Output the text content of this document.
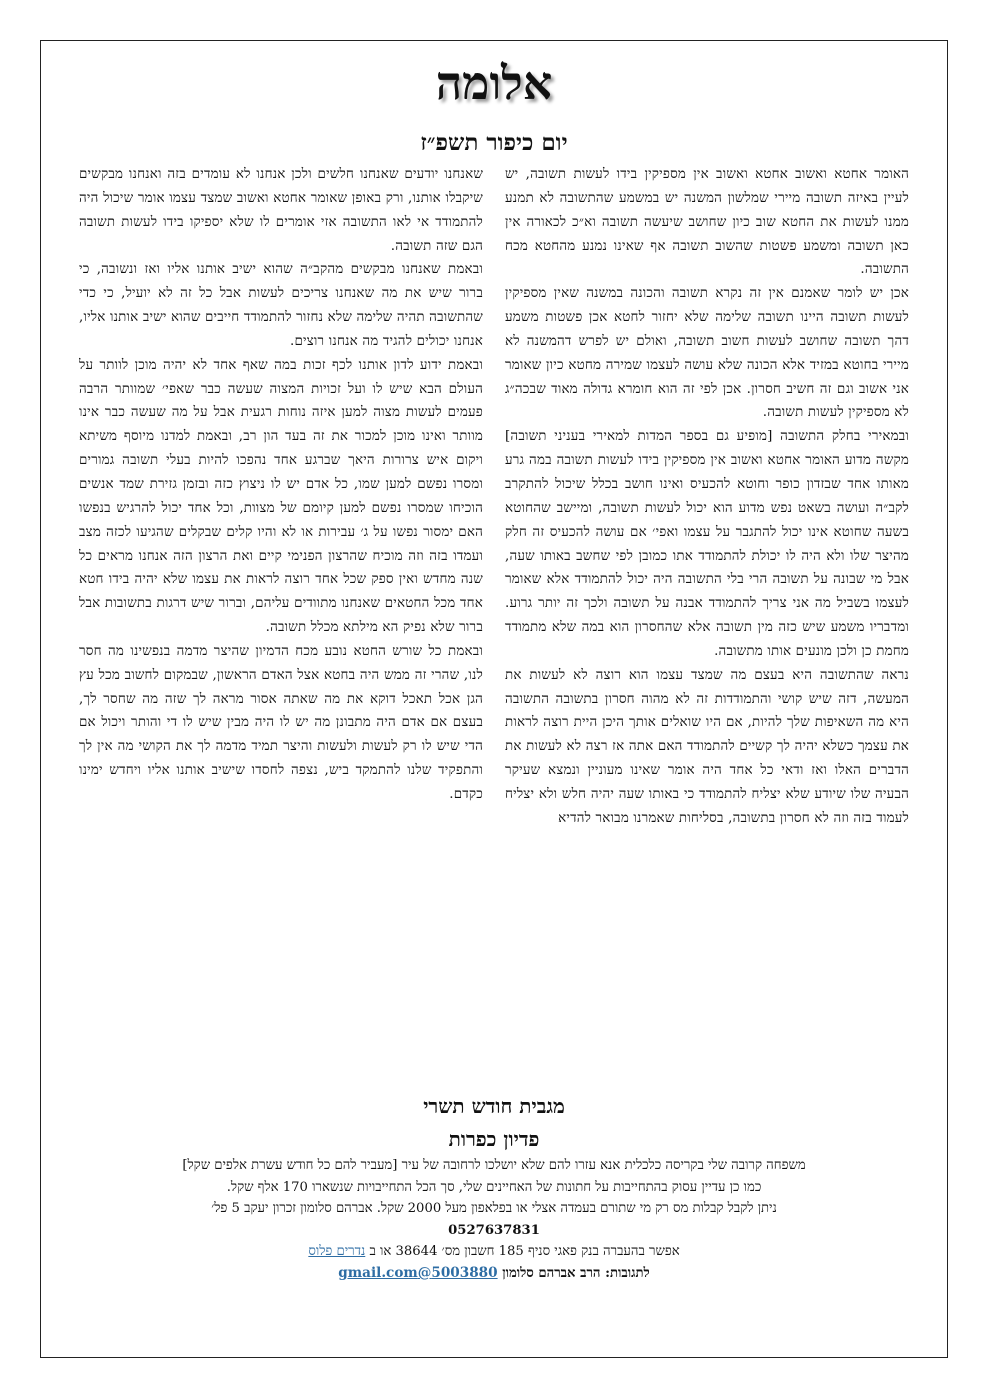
אלומה
יום כיפור תשפ״ז

האומר אחטא ואשוב אחטא ואשוב אין מספיקין בידו לעשות תשובה, יש לעיין באיזה תשובה מיירי שמלשון המשנה יש במשמע שהתשובה לא תמנע ממנו לעשות את החטא שוב כיון שחושב שיעשה תשובה וא״כ לכאורה אין כאן תשובה ומשמע פשטות שהשוב תשובה אף שאינו נמנע מהחטא מכח התשובה.

אכן יש לומר שאמנם אין זה נקרא תשובה והכונה במשנה שאין מספיקין לעשות תשובה היינו תשובה שלימה שלא יחזור לחטא אכן פשטות משמע דהך תשובה שחושב לעשות חשוב תשובה, ואולם יש לפרש דהמשנה לא מיירי בחוטא במזיד אלא הכונה שלא עושה לעצמו שמירה מחטא כיון שאומר אני אשוב וגם זה חשיב חסרון. אכן לפי זה הוא חומרא גדולה מאוד שבכה״ג לא מספיקין לעשות תשובה.

ובמאירי בחלק התשובה [מופיע גם בספר המדות למאירי בעניני תשובה] מקשה מדוע האומר אחטא ואשוב אין מספיקין בידו לעשות תשובה במה גרע מאותו אחד שבזדון כופר וחוטא להכעיס ואינו חושב בכלל שיכול להתקרב לקב״ה ועושה בשאט נפש מדוע הוא יכול לעשות תשובה, ומיישב שהחוטא בשעה שחוטא אינו יכול להתגבר על עצמו ואפי׳ אם עושה להכעיס זה חלק מהיצר שלו ולא היה לו יכולת להתמודד אתו כמובן לפי שחשב באותו שעה, אבל מי שבונה על תשובה הרי בלי התשובה היה יכול להתמודד אלא שאומר לעצמו בשביל מה אני צריך להתמודד אבנה על תשובה ולכך זה יותר גרוע. ומדבריו משמע שיש כזה מין תשובה אלא שהחסרון הוא במה שלא מתמודד מחמת כן ולכן מונעים אותו מתשובה.

נראה שהתשובה היא בעצם מה שמצד עצמו הוא רוצה לא לעשות את המעשה, דזה שיש קושי והתמודדות זה לא מהוה חסרון בתשובה התשובה היא מה השאיפות שלך להיות, אם היו שואלים אותך היכן היית רוצה לראות את עצמך כשלא יהיה לך קשיים להתמודד האם אתה אז רצה לא לעשות את הדברים האלו ואז ודאי כל אחד היה אומר שאינו מעוניין ונמצא שעיקר הבעיה שלו שיודע שלא יצליח להתמודד כי באותו שעה יהיה חלש ולא יצליח לעמוד בזה וזה לא חסרון בתשובה, בסליחות שאמרנו מבואר להדיא

שאנחנו יודעים שאנחנו חלשים ולכן אנחנו לא עומדים בזה ואנחנו מבקשים שיקבלו אותנו, ורק באופן שאומר אחטא ואשוב שמצד עצמו אומר שיכול היה להתמודד אי לאו התשובה אזי אומרים לו שלא יספיקו בידו לעשות תשובה הגם שזה תשובה.

ובאמת שאנחנו מבקשים מהקב״ה שהוא ישיב אותנו אליו ואז ונשובה, כי ברור שיש את מה שאנחנו צריכים לעשות אבל כל זה לא יועיל, כי כדי שהתשובה תהיה שלימה שלא נחזור להתמודד חייבים שהוא ישיב אותנו אליו, אנחנו יכולים להגיד מה אנחנו רוצים.

ובאמת ידוע לדון אותנו לכף זכות במה שאף אחד לא יהיה מוכן לוותר על העולם הבא שיש לו ועל זכויות המצוה שעשה כבר שאפי׳ שמוותר הרבה פעמים לעשות מצוה למען איזה נוחות רגעית אבל על מה שעשה כבר אינו מוותר ואינו מוכן למכור את זה בעד הון רב, ובאמת למדנו מיוסף משיתא ויקום איש צרורות היאך שברגע אחד נהפכו להיות בעלי תשובה גמורים ומסרו נפשם למען שמו, כל אדם יש לו ניצוץ כזה ובזמן גזירת שמד אנשים הוכיחו שמסרו נפשם למען קיומם של מצוות, וכל אחד יכול להרגיש בנפשו האם ימסור נפשו על ג׳ עבירות או לא והיו קלים שבקלים שהגיעו לכזה מצב ועמדו בזה וזה מוכיח שהרצון הפנימי קיים ואת הרצון הזה אנחנו מראים כל שנה מחדש ואין ספק שכל אחד רוצה לראות את עצמו שלא יהיה בידו חטא אחד מכל החטאים שאנחנו מתוודים עליהם, וברור שיש דרגות בתשובות אבל ברור שלא נפיק הא מילתא מכלל תשובה.

ובאמת כל שורש החטא נובע מכח הדמיון שהיצר מדמה בנפשינו מה חסר לנו, שהרי זה ממש היה בחטא אצל האדם הראשון, שבמקום לחשוב מכל עץ הגן אכל תאכל דוקא את מה שאתה אסור מראה לך שזה מה שחסר לך, בעצם אם אדם היה מתבונן מה יש לו היה מבין שיש לו די והותר ויכול אם הדי שיש לו רק לעשות ולעשות והיצר תמיד מדמה לך את הקושי מה אין לך והתפקיד שלנו להתמקד ביש, נצפה לחסדו שישיב אותנו אליו ויחדש ימינו כקדם.

מגבית חודש תשרי

פדיון כפרות

משפחה קרובה שלי בקריסה כלכלית אנא עזרו להם שלא יושלכו לרחובה של עיר [מעביר להם כל חודש עשרת אלפים שקל]

כמו כן עדיין עסוק בהתחייבות על חתונות של האחיינים שלי, סך הכל התחייבויות שנשארו 170 אלף שקל.

ניתן לקבל קבלות מס רק מי שתורם בעמדה אצלי או בפלאפון מעל 2000 שקל. אברהם סלומון זכרון יעקב 5 פל׳

0527637831

אפשר בהעברה בנק פאגי סניף 185 חשבון מס׳ 38644 או ב נדרים פלוס

לתגובות: הרב אברהם סלומון 5003880@gmail.com
